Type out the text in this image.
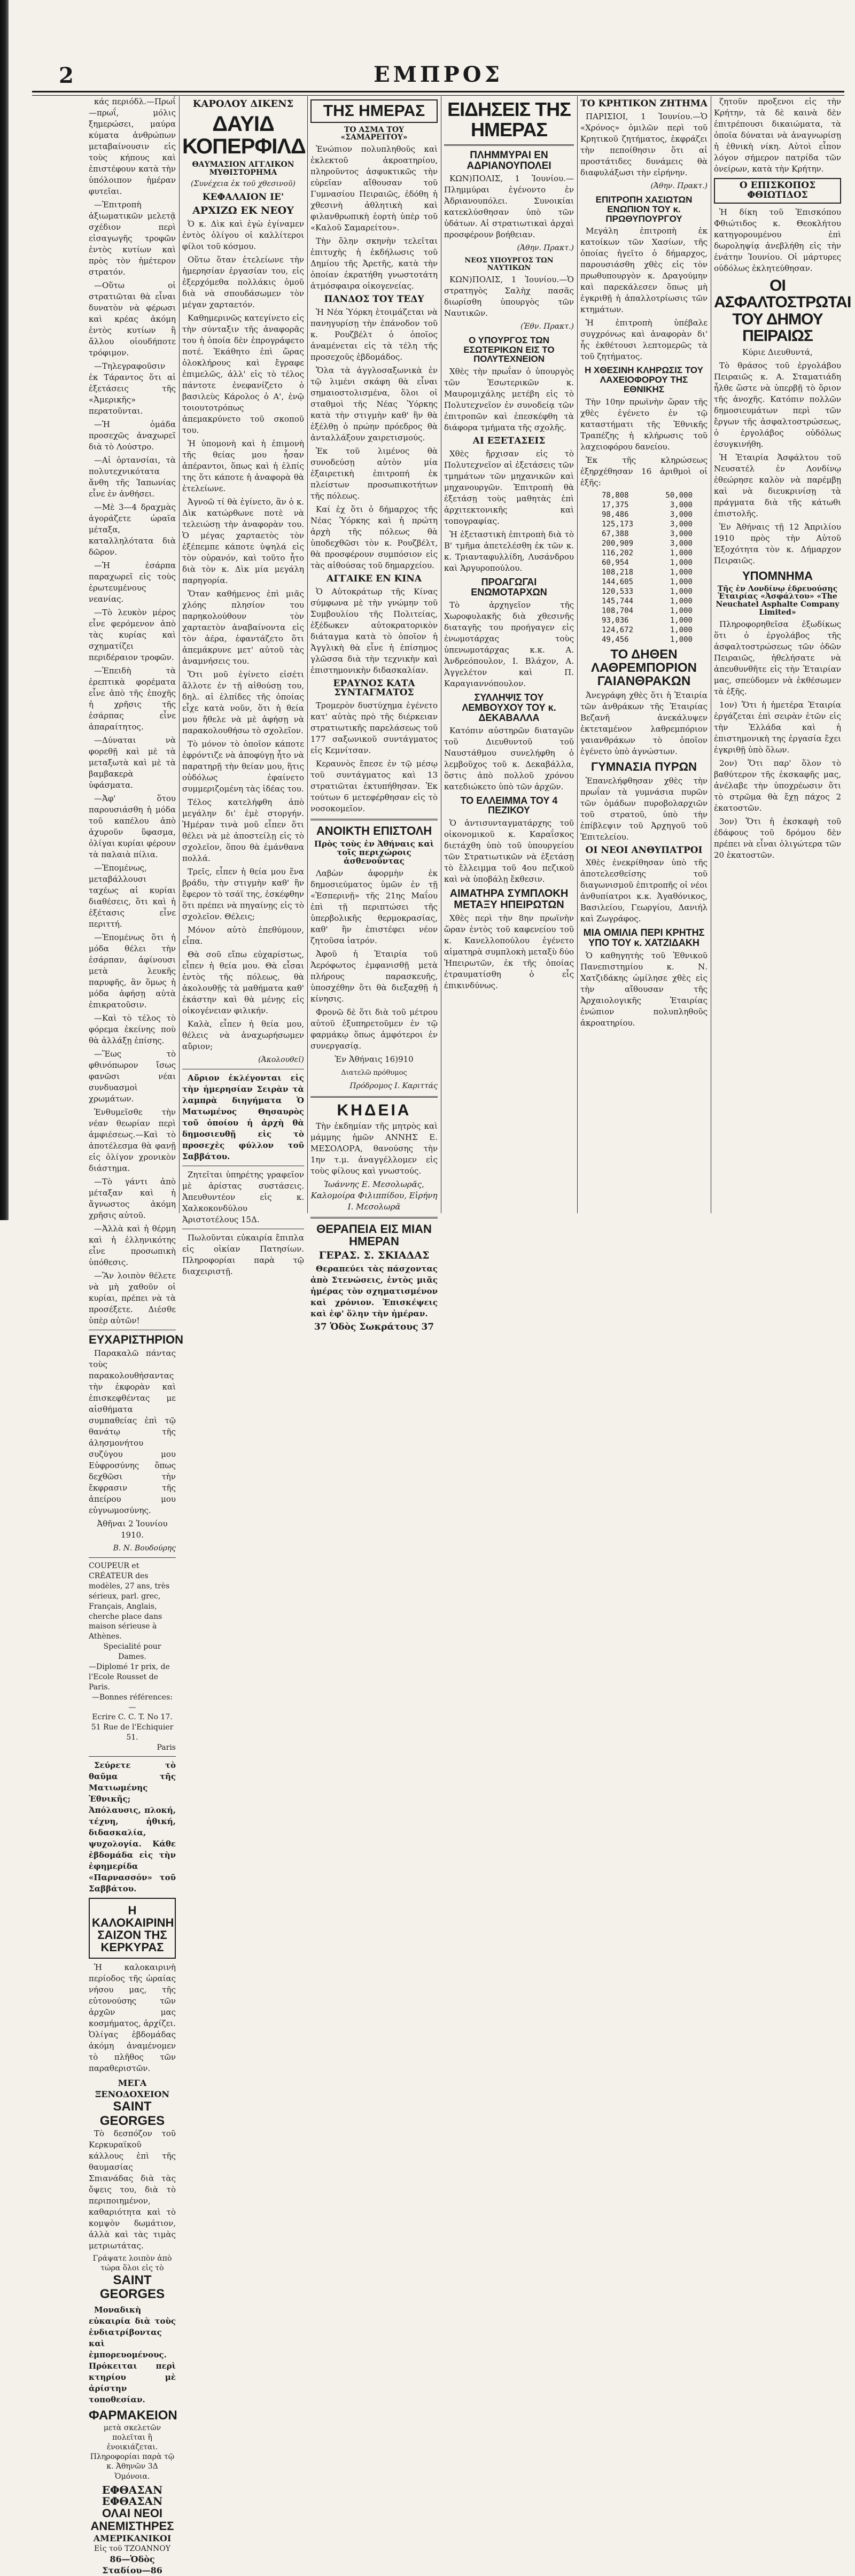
2	ΕΜΠΡΟΣ

κάς περιόδλ.—Πρωΐ—πρωΐ, μόλις ξημερώσει, μαύρα κύματα ἀνθρώπων μεταβαίνουσιν εἰς τοὺς κήπους καὶ ἐπιστέφουν κατὰ τὴν ὑπόλοιπον ἡμέραν φυτεῖαι.

—Ἐπιτροπὴ ἀξιωματικῶν μελετᾷ σχέδιον περὶ εἰσαγωγῆς τροφῶν ἐντὸς κυτίων καὶ πρὸς τὸν ἡμέτερον στρατόν.

—Οὕτω οἱ στρατιῶται θὰ εἶναι δυνατὸν νὰ φέρωσι καὶ κρέας ἀκόμη ἐντὸς κυτίων ἢ ἄλλου οἱουδήποτε τρόφιμον.

—Τηλεγραφοῦσιν ἐκ Τάραντος ὅτι αἱ ἐξετάσεις τῆς «Ἀμερικῆς» περατοῦνται.

—Ἡ ὁμάδα προσεχῶς ἀναχωρεῖ διὰ τὸ Λούστρο.

—Αἱ ὀρτανσίαι, τὰ πολυτεχνικότατα ἄνθη τῆς Ἰαπωνίας εἶνε ἐν ἀνθήσει.

—Μὲ 3—4 δραχμὰς ἀγοράζετε ὡραῖα μέταξα, καταλληλότατα διὰ δῶρον.

—Ἡ ἐσάρπα παραχωρεῖ εἰς τοὺς ἐρωτευμένους νεανίας.

—Τὸ λευκὸν μέρος εἶνε φερόμενον ἀπὸ τὰς κυρίας καὶ σχηματίζει περιδέραιον τροφῶν.

—Ἐπειδὴ τὰ ἐρεπτικὰ φορέματα εἶνε ἀπὸ τῆς ἐποχῆς ἡ χρῆσις τῆς ἐσάρπας εἶνε ἀπαραίτητος.

—Δύναται νὰ φορεθῇ καὶ μὲ τὰ μεταξωτὰ καὶ μὲ τὰ βαμβακερὰ ὑφάσματα.

—Ἀφ' ὅτου παρουσιάσθη ἡ μόδα τοῦ καπέλου ἀπὸ ἀχυροῦν ὕφασμα, ὀλίγαι κυρίαι φέρουν τὰ παλαιὰ πίλια.

—Ἐπομένως, μεταβάλλουσι ταχέως αἱ κυρίαι διαθέσεις, ὅτι καὶ ἡ ἐξέτασις εἶνε περιττή.

—Ἐπομένως ὅτι ἡ μόδα θέλει τὴν ἐσάρπαν, ἀφίνουσι μετὰ λευκῆς παρυφῆς, ἂν ὅμως ἡ μόδα ἀφήσῃ αὐτὰ ἐπικρατοῦσιν.

—Καὶ τὸ τέλος τὸ φόρεμα ἐκείνης ποὺ θὰ ἀλλάξῃ ἐπίσης.

—Ἕως τὸ φθινόπωρον ἴσως φανῶσι νέαι συνδυασμοὶ χρωμάτων.

Ἐνθυμεῖσθε τὴν νέαν θεωρίαν περὶ ἀμφιέσεως.—Καὶ τὸ ἀποτέλεσμα θὰ φανῇ εἰς ὀλίγον χρονικὸν διάστημα.

—Τὸ γάντι ἀπὸ μέταξαν καὶ ἡ ἄγνωστος ἀκόμη χρῆσις αὐτοῦ.

—Ἀλλὰ καὶ ἡ θέρμη καὶ ἡ ἐλληνικότης εἶνε προσωπικὴ ὑπόθεσις.

—Ἂν λοιπὸν θέλετε νὰ μὴ χαθοῦν οἱ κυρίαι, πρέπει νὰ τὰ προσέξετε. Διέσθε ὑπὲρ αὐτῶν!

ΕΥΧΑΡΙΣΤΗΡΙΟΝ

Παρακαλῶ πάντας τοὺς παρακολουθήσαντας τὴν ἐκφορὰν καὶ ἐπισκεφθέντας με αἰσθήματα συμπαθείας ἐπὶ τῷ θανάτῳ τῆς ἀλησμονήτου συζύγου μου Εὐφροσύνης ὅπως δεχθῶσι τὴν ἔκφρασιν τῆς ἀπείρου μου εὐγνωμοσύνης.

Ἀθῆναι 2 Ἰουνίου 1910.

Β. Ν. Βουδούρης

COUPEUR et CRÉATEUR des modèles, 27 ans, très sérieux, parl. grec, Français, Anglais, cherche place dans maison sérieuse à Athènes.
Specialité pour Dames.
—Diplomé 1r prix, de l'Ecole Rousset de Paris.
—Bonnes références:—
Ecrire C. C. T. No 17.
51 Rue de l'Echiquier 51.
Paris

Σεύρετε τὸ θαῦμα τῆς Ματιωμένης Ἐθνικῆς; Ἀπόλαυσις, πλοκή, τέχνη, ἡθική, διδασκαλία, ψυχολογία. Κάθε ἐβδομάδα εἰς τὴν ἐφημερίδα «Παρνασσόν» τοῦ Σαββάτου.

Η ΚΑΛΟΚΑΙΡΙΝΗ ΣΑΙΖΟΝ ΤΗΣ ΚΕΡΚΥΡΑΣ

Ἡ καλοκαιρινὴ περίοδος τῆς ὡραίας νήσου μας, τῆς εὐτονούσης τῶν ἀρχῶν μας κοσμήματος, ἀρχίζει. Ὀλίγας ἑβδομάδας ἀκόμη ἀναμένομεν τὸ πλῆθος τῶν παραθεριστῶν.

ΜΕΓΑ ΞΕΝΟΔΟΧΕΙΟΝ
SAINT GEORGES

Τὸ δεσπόζον τοῦ Κερκυραϊκοῦ κάλλους ἐπὶ τῆς θαυμασίας Σπιανάδας διὰ τὰς ὄψεις του, διὰ τὸ περιποιημένον, καθαριότητα καὶ τὸ κομψὸν δωμάτιον, ἀλλὰ καὶ τὰς τιμὰς μετριωτάτας.

Γράψατε λοιπὸν ἀπὸ τώρα ὅλοι εἰς τὸ
SAINT GEORGES

Μοναδικὴ εὐκαιρία διὰ τοὺς ἐνδιατρίβοντας καὶ ἐμπορευομένους. Πρόκειται περὶ κτηρίου μὲ ἀρίστην τοποθεσίαν.

ΦΑΡΜΑΚΕΙΟΝ
μετὰ σκελετῶν πολεῖται ἢ ἐνοικιάζεται. Πληροφορίαι παρὰ τῷ κ. Ἀθηνῶν 3Δ Ὁμόνοια.
ΕΦΘΑΣΑΝ ΕΦΘΑΣΑΝ
ΟΛΑΙ ΝΕΟΙ ΑΝΕΜΙΣΤΗΡΕΣ
ΑΜΕΡΙΚΑΝΙΚΟΙ
Εἰς τοῦ ΤΖΟΑΝΝΟΥ
86—Ὁδὸς Σταδίου—86
ΚΑΡΟΛΟΥ ΔΙΚΕΝΣ
ΔΑΥΙΔ ΚΟΠΕΡΦΙΛΔ
ΘΑΥΜΑΣΙΟΝ ΑΓΓΛΙΚΟΝ ΜΥΘΙΣΤΟΡΗΜΑ
(Συνέχεια ἐκ τοῦ χθεσινοῦ)
ΚΕΦΑΛΑΙΟΝ ΙΕ'
ΑΡΧΙΖΩ ΕΚ ΝΕΟΥ

Ὁ κ. Δὶκ καὶ ἐγὼ ἐγίναμεν ἐντὸς ὀλίγου οἱ καλλίτεροι φίλοι τοῦ κόσμου.

Οὕτω ὅταν ἐτελείωνε τὴν ἡμερησίαν ἐργασίαν του, εἰς ἐξερχόμεθα πολλάκις ὁμοῦ διὰ νὰ σπουδάσωμεν τὸν μέγαν χαρταετόν.

Καθημερινῶς κατεγίνετο εἰς τὴν σύνταξιν τῆς ἀναφορᾶς του ἡ ὁποία δὲν ἐπρογράφετο ποτέ. Ἐκάθητο ἐπὶ ὥρας ὁλοκλήρους καὶ ἔγραφε ἐπιμελῶς, ἀλλ' εἰς τὸ τέλος πάντοτε ἐνεφανίζετο ὁ βασιλεὺς Κάρολος ὁ Α', ἐνῷ τοιουτοτρόπως ἀπεμακρύνετο τοῦ σκοποῦ του.

Ἡ ὑπομονὴ καὶ ἡ ἐπιμονὴ τῆς θείας μου ἦσαν ἀπέραντοι, ὅπως καὶ ἡ ἐλπίς της ὅτι κάποτε ἡ ἀναφορὰ θὰ ἐτελείωνε.

Ἀγνοῶ τί θὰ ἐγίνετο, ἂν ὁ κ. Δὶκ κατώρθωνε ποτὲ νὰ τελειώσῃ τὴν ἀναφορὰν του. Ὁ μέγας χαρταετὸς τὸν ἐξέπεμπε κάποτε ὑψηλά εἰς τὸν οὐρανόν, καὶ τοῦτο ἦτο διὰ τὸν κ. Δὶκ μία μεγάλη παρηγορία.

Ὅταν καθήμενος ἐπὶ μιᾶς χλόης πλησίον του παρηκολούθουν τὸν χαρταετὸν ἀναβαίνοντα εἰς τὸν ἀέρα, ἐφαντάζετο ὅτι ἀπεμάκρυνε μετ' αὐτοῦ τὰς ἀναμνήσεις του.

Ὅτι μοῦ ἐγίνετο εἰσέτι ἄλλοτε ἐν τῇ αἰθούσῃ του, δηλ. αἱ ἐλπίδες τῆς ὁποίας εἶχε κατὰ νοῦν, ὅτι ἡ θεία μου ἤθελε νὰ μὲ ἀφήσῃ νὰ παρακολουθήσω τὸ σχολεῖον.

Τὸ μόνον τὸ ὁποῖον κάποτε ἐφρόντιζε νὰ ἀποφύγῃ ἦτο νὰ παρατηρῇ τὴν θείαν μου, ἥτις οὐδόλως ἐφαίνετο συμμεριζομένη τὰς ἰδέας του.

Τέλος κατελήφθη ἀπὸ μεγάλην δι' ἐμὲ στοργήν. Ἡμέραν τινὰ μοῦ εἶπεν ὅτι θέλει νὰ μὲ ἀποστείλῃ εἰς τὸ σχολεῖον, ὅπου θὰ ἐμάνθανα πολλά.

Τρεῖς, εἶπεν ἡ θεία μου ἕνα βράδυ, τὴν στιγμὴν καθ' ἣν ἔφερον τὸ τσάϊ της, ἐσκέφθην ὅτι πρέπει νὰ πηγαίνῃς εἰς τὸ σχολεῖον. Θέλεις;

Μόνον αὐτὸ ἐπεθύμουν, εἶπα.

Θὰ σοῦ εἴπω εὐχαρίστως, εἶπεν ἡ θεία μου. Θὰ εἶσαι ἐντὸς τῆς πόλεως, θὰ ἀκολουθῇς τὰ μαθήματα καθ' ἑκάστην καὶ θὰ μένῃς εἰς οἰκογένειαν φιλικήν.

Καλὰ, εἶπεν ἡ θεία μου, θέλεις νὰ ἀναχωρήσωμεν αὔριον;

(Ἀκολουθεῖ)

Αὔριον ἐκλέγονται εἰς τὴν ἡμερησίαν Σειρὰν τὰ λαμπρὰ διηγήματα Ὁ Ματωμένος Θησαυρὸς τοῦ ὁποίου ἡ ἀρχὴ θὰ δημοσιευθῇ εἰς τὸ προσεχὲς φύλλον τοῦ Σαββάτου.

Ζητεῖται ὑπηρέτης γραφεῖον μὲ ἀρίστας συστάσεις. Ἀπευθυντέον εἰς κ. Χαλκοκονδύλου Ἀριστοτέλους 15Δ.

Πωλοῦνται εὐκαιρία ἔπιπλα εἰς οἰκίαν Πατησίων. Πληροφορίαι παρὰ τῷ διαχειριστῇ.

ΤΗΣ ΗΜΕΡΑΣ
ΤΟ ΑΣΜΑ ΤΟΥ «ΣΑΜΑΡΕΙΤΟΥ»

Ἐνώπιον πολυπληθοῦς καὶ ἐκλεκτοῦ ἀκροατηρίου, πληροῦντος ἀσφυκτικῶς τὴν εὐρεῖαν αἴθουσαν τοῦ Γυμνασίου Πειραιῶς, ἐδόθη ἡ χθεσινὴ ἀθλητικὴ καὶ φιλανθρωπικὴ ἑορτὴ ὑπὲρ τοῦ «Καλοῦ Σαμαρείτου».

Τὴν ὅλην σκηνὴν τελεῖται ἐπιτυχὴς ἡ ἐκδήλωσις τοῦ Δημίου τῆς Ἀρετῆς, κατὰ τὴν ὁποίαν ἐκρατήθη γνωστοτάτη ἀτμόσφαιρα οἰκογενείας.

ΠΑΝΔΟΣ ΤΟΥ ΤΕΔΥ

Ἡ Νέα Ὑόρκη ἑτοιμάζεται νὰ πανηγυρίσῃ τὴν ἐπάνοδον τοῦ κ. Ρουζβέλτ ὁ ὁποῖος ἀναμένεται εἰς τὰ τέλη τῆς προσεχοῦς ἑβδομάδος.

Ὅλα τὰ ἀγγλοσαξωνικὰ ἐν τῷ λιμένι σκάφη θὰ εἶναι σημαιοστολισμένα, ὅλοι οἱ σταθμοὶ τῆς Νέας Ὑόρκης κατὰ τὴν στιγμὴν καθ' ἣν θὰ ἐξέλθῃ ὁ πρώην πρόεδρος θὰ ἀνταλλάξουν χαιρετισμούς.

Ἐκ τοῦ λιμένος θὰ συνοδεύσῃ αὐτὸν μία ἐξαιρετικὴ ἐπιτροπή ἐκ πλείστων προσωπικοτήτων τῆς πόλεως.

Καί ἐχ ὅτι ὁ δήμαρχος τῆς Νέας Ὑόρκης καὶ ἡ πρώτη ἀρχὴ τῆς πόλεως θὰ ὑποδεχθῶσι τὸν κ. Ρουζβέλτ, θὰ προσφέρουν συμπόσιον εἰς τὰς αἰθούσας τοῦ δημαρχείου.

ΑΓΓΑΙΚΕ ΕΝ ΚΙΝΑ

Ὁ Αὐτοκράτωρ τῆς Κίνας σύμφωνα μὲ τὴν γνώμην τοῦ Συμβουλίου τῆς Πολιτείας, ἐξέδωκεν αὐτοκρατορικὸν διάταγμα κατὰ τὸ ὁποῖον ἡ Ἀγγλικὴ θὰ εἶνε ἡ ἐπίσημος γλῶσσα διὰ τὴν τεχνικὴν καὶ ἐπιστημονικὴν διδασκαλίαν.

ΕΡΑΥΝΟΣ ΚΑΤΑ ΣΥΝΤΑΓΜΑΤΟΣ

Τρομερὸν δυστύχημα ἐγένετο κατ' αὐτὰς πρὸ τῆς διέρκειαν στρατιωτικῆς παρελάσεως τοῦ 177 σαξωνικοῦ συντάγματος εἰς Κεμνίτσαν.

Κεραυνὸς ἔπεσε ἐν τῷ μέσῳ τοῦ συντάγματος καὶ 13 στρατιῶται ἐκτυπήθησαν. Ἐκ τούτων 6 μετεφέρθησαν εἰς τὸ νοσοκομεῖον.

ΑΝΟΙΚΤΗ ΕΠΙΣΤΟΛΗ
Πρὸς τοὺς ἐν Ἀθήναις καὶ τοῖς περιχώροις ἀσθενοῦντας

Λαβὼν ἀφορμὴν ἐκ δημοσιεύματος ὑμῶν ἐν τῇ «Ἑσπερινῇ» τῆς 21ης Μαΐου ἐπὶ τῇ περιπτώσει τῆς ὑπερβολικῆς θερμοκρασίας, καθ' ἣν ἐπιστέφει νέον ζητοῦσα ἰατρόν.

Ἀφοῦ ἡ Ἑταιρία τοῦ Ἀερόφωτος ἐμφανισθῇ μετὰ πλήρους παρασκευῆς, ὑποσχέθην ὅτι θὰ διεξαχθῇ ἡ κίνησις.

Φρονῶ δὲ ὅτι διὰ τοῦ μέτρου αὐτοῦ ἐξυπηρετοῦμεν ἐν τῷ φαρμάκῳ ὅπως ἀμφότεροι ἐν συνεργασίᾳ.

Ἐν Ἀθήναις 16)910

Διατελῶ πρόθυμος

Πρόδρομος Ι. Καριττάς

ΚΗΔΕΙΑ

Τὴν ἐκδημίαν τῆς μητρὸς καὶ μάμμης ἡμῶν ΑΝΝΗΣ Ε. ΜΕΣΟΛΟΡΑ, θανούσης τὴν 1ην τ.μ. ἀναγγέλλομεν εἰς τοὺς φίλους καὶ γνωστούς.

Ἰωάννης Ε. Μεσολωρᾶς, Καλομοίρα Φιλιππίδου, Εἰρήνη Ι. Μεσολωρᾶ

ΘΕΡΑΠΕΙΑ ΕΙΣ ΜΙΑΝ ΗΜΕΡΑΝ
ΓΕΡΑΣ. Σ. ΣΚΙΑΔΑΣ

Θεραπεύει τὰς πάσχοντας ἀπὸ Στενώσεις, ἐντὸς μιᾶς ἡμέρας τὸν σχηματισμένον καὶ χρόνιον. Ἐπισκέψεις καὶ ἐφ' ὅλην τὴν ἡμέραν.

37 Ὁδὸς Σωκράτους 37
ΕΙΔΗΣΕΙΣ ΤΗΣ ΗΜΕΡΑΣ
ΠΛΗΜΜΥΡΑΙ ΕΝ ΑΔΡΙΑΝΟΥΠΟΛΕΙ

ΚΩΝ)ΠΟΛΙΣ, 1 Ἰουνίου.—Πλημμύραι ἐγένοντο ἐν Ἀδριανουπόλει. Συνοικίαι κατεκλύσθησαν ὑπὸ τῶν ὑδάτων. Αἱ στρατιωτικαὶ ἀρχαὶ προσφέρουν βοήθειαν.

(Ἀθην. Πρακτ.)

ΝΕΟΣ ΥΠΟΥΡΓΟΣ ΤΩΝ ΝΑΥΤΙΚΩΝ

ΚΩΝ)ΠΟΛΙΣ, 1 Ἰουνίου.—Ὁ στρατηγὸς Σαλὴχ πασᾶς διωρίσθη ὑπουργὸς τῶν Ναυτικῶν.

(Ἐθν. Πρακτ.)

Ο ΥΠΟΥΡΓΟΣ ΤΩΝ ΕΣΩΤΕΡΙΚΩΝ ΕΙΣ ΤΟ ΠΟΛΥΤΕΧΝΕΙΟΝ

Χθὲς τὴν πρωΐαν ὁ ὑπουργὸς τῶν Ἐσωτερικῶν κ. Μαυρομιχάλης μετέβη εἰς τὸ Πολυτεχνεῖον ἐν συνοδείᾳ τῶν ἐπιτροπῶν καὶ ἐπεσκέφθη τὰ διάφορα τμήματα τῆς σχολῆς.

ΑΙ ΕΞΕΤΑΣΕΙΣ

Χθὲς ἤρχισαν εἰς τὸ Πολυτεχνεῖον αἱ ἐξετάσεις τῶν τμημάτων τῶν μηχανικῶν καὶ μηχανουργῶν. Ἐπιτροπὴ θὰ ἐξετάσῃ τοὺς μαθητὰς ἐπὶ ἀρχιτεκτονικῆς καὶ τοπογραφίας.

Ἡ ἐξεταστικὴ ἐπιτροπὴ διὰ τὸ Β' τμῆμα ἀπετελέσθη ἐκ τῶν κ. κ. Τριανταφυλλίδη, Λυσάνδρου καὶ Ἀργυροπούλου.

ΠΡΟΑΓΩΓΑΙ ΕΝΩΜΟΤΑΡΧΩΝ

Τὸ ἀρχηγεῖον τῆς Χωροφυλακῆς διὰ χθεσινῆς διαταγῆς του προήγαγεν εἰς ἐνωμοτάρχας τοὺς ὑπενωμοτάρχας κ.κ. Α. Ἀνδρεόπουλον, Ι. Βλάχον, Α. Ἀγγελέτον καὶ Π. Καραγιαννόπουλον.

ΣΥΛΛΗΨΙΣ ΤΟΥ ΛΕΜΒΟΥΧΟΥ ΤΟΥ κ. ΔΕΚΑΒΑΛΛΑ

Κατόπιν αὐστηρῶν διαταγῶν τοῦ Διευθυντοῦ τοῦ Ναυστάθμου συνελήφθη ὁ λεμβοῦχος τοῦ κ. Δεκαβάλλα, ὅστις ἀπὸ πολλοῦ χρόνου κατεδιώκετο ὑπὸ τῶν ἀρχῶν.

ΤΟ ΕΛΛΕΙΜΜΑ ΤΟΥ 4 ΠΕΖΙΚΟΥ

Ὁ ἀντισυνταγματάρχης τοῦ οἰκονομικοῦ κ. Καραΐσκος διετάχθη ὑπὸ τοῦ ὑπουργείου τῶν Στρατιωτικῶν νὰ ἐξετάσῃ τὸ ἔλλειμμα τοῦ 4ου πεζικοῦ καὶ νὰ ὑποβάλῃ ἔκθεσιν.

ΑΙΜΑΤΗΡΑ ΣΥΜΠΛΟΚΗ ΜΕΤΑΞΥ ΗΠΕΙΡΩΤΩΝ

Χθὲς περὶ τὴν 8ην πρωϊνὴν ὥραν ἐντὸς τοῦ καφενείου τοῦ κ. Κανελλοπούλου ἐγένετο αἱματηρὰ συμπλοκὴ μεταξὺ δύο Ἠπειρωτῶν, ἐκ τῆς ὁποίας ἐτραυματίσθη ὁ εἷς ἐπικινδύνως.

ΤΟ ΚΡΗΤΙΚΟΝ ΖΗΤΗΜΑ

ΠΑΡΙΣΙΟΙ, 1 Ἰουνίου.—Ὁ «Χρόνος» ὁμιλῶν περὶ τοῦ Κρητικοῦ ζητήματος, ἐκφράζει τὴν πεποίθησιν ὅτι αἱ προστάτιδες δυνάμεις θὰ διαφυλάξωσι τὴν εἰρήνην.

(Ἀθην. Πρακτ.)

ΕΠΙΤΡΟΠΗ ΧΑΣΙΩΤΩΝ ΕΝΩΠΙΟΝ ΤΟΥ κ. ΠΡΩΘΥΠΟΥΡΓΟΥ

Μεγάλη ἐπιτροπὴ ἐκ κατοίκων τῶν Χασίων, τῆς ὁποίας ἡγεῖτο ὁ δήμαρχος, παρουσιάσθη χθὲς εἰς τὸν πρωθυπουργὸν κ. Δραγούμην καὶ παρεκάλεσεν ὅπως μὴ ἐγκριθῇ ἡ ἀπαλλοτρίωσις τῶν κτημάτων.

Ἡ ἐπιτροπὴ ὑπέβαλε συγχρόνως καὶ ἀναφορὰν δι' ἧς ἐκθέτουσι λεπτομερῶς τὰ τοῦ ζητήματος.

Η ΧΘΕΣΙΝΗ ΚΛΗΡΩΣΙΣ ΤΟΥ ΛΑΧΕΙΟΦΟΡΟΥ ΤΗΣ ΕΘΝΙΚΗΣ

Τὴν 10ην πρωϊνὴν ὥραν τῆς χθὲς ἐγένετο ἐν τῷ καταστήματι τῆς Ἐθνικῆς Τραπέζης ἡ κλήρωσις τοῦ λαχειοφόρου δανείου.

Ἐκ τῆς κληρώσεως ἐξηρχέθησαν 16 ἀριθμοὶ οἱ ἑξῆς:

78,808	50,000
17,375	3,000
98,486	3,000
125,173	3,000
67,388	3,000
200,909	3,000
116,202	1,000
60,954	1,000
108,218	1,000
144,605	1,000
120,533	1,000
145,744	1,000
108,704	1,000
93,036	1,000
124,672	1,000
49,456	1,000
ΤΟ ΔΗΘΕΝ ΛΑΘΡΕΜΠΟΡΙΟΝ ΓΑΙΑΝΘΡΑΚΩΝ

Ἀνεγράφη χθὲς ὅτι ἡ Ἐταιρία τῶν ἀνθράκων τῆς Ἐταιρίας Βεζανῆ ἀνεκάλυψεν ἐκτεταμένον λαθρεμπόριον γαιανθράκων τὸ ὁποῖον ἐγένετο ὑπὸ ἀγνώστων.

ΓΥΜΝΑΣΙΑ ΠΥΡΩΝ

Ἐπανελήφθησαν χθὲς τὴν πρωΐαν τὰ γυμνάσια πυρῶν τῶν ὁμάδων πυροβολαρχιῶν τοῦ στρατοῦ, ὑπὸ τὴν ἐπίβλεψιν τοῦ Ἀρχηγοῦ τοῦ Ἐπιτελείου.

ΟΙ ΝΕΟΙ ΑΝΘΥΠΑΤΡΟΙ

Χθὲς ἐνεκρίθησαν ὑπὸ τῆς ἀποτελεσθείσης τοῦ διαγωνισμοῦ ἐπιτροπῆς οἱ νέοι ἀνθυπίατροι κ.κ. Ἀγαθόνικος, Βασιλείου, Γεωργίου, Δανιήλ καὶ Ζωγράφος.

ΜΙΑ ΟΜΙΛΙΑ ΠΕΡΙ ΚΡΗΤΗΣ ΥΠΟ ΤΟΥ κ. ΧΑΤΖΙΔΑΚΗ

Ὁ καθηγητὴς τοῦ Ἐθνικοῦ Πανεπιστημίου κ. Ν. Χατζιδάκης ὡμίλησε χθὲς εἰς τὴν αἴθουσαν τῆς Ἀρχαιολογικῆς Ἑταιρίας ἐνώπιον πολυπληθοῦς ἀκροατηρίου.

ζητοῦν προξενοι εἰς τὴν Κρήτην, τὰ δὲ καινὰ δὲν ἐπιτρέπουσι δικαιώματα, τὰ ὁποῖα δύναται νὰ ἀναγνωρίσῃ ἡ ἐθνικὴ νίκη. Αὐτοὶ εἶπον λόγον σήμερον πατρίδα τῶν ὀνείρων, κατὰ τὴν Κρήτην.

Ο ΕΠΙΣΚΟΠΟΣ ΦΘΙΩΤΙΔΟΣ

Ἡ δίκη τοῦ Ἐπισκόπου Φθιώτιδος κ. Θεοκλήτου κατηγορουμένου ἐπὶ δωροληψίᾳ ἀνεβλήθη εἰς τὴν ἐνάτην Ἰουνίου. Οἱ μάρτυρες οὐδόλως ἐκλητεύθησαν.

ΟΙ ΑΣΦΑΛΤΟΣΤΡΩΤΑΙ ΤΟΥ ΔΗΜΟΥ ΠΕΙΡΑΙΩΣ

Κύριε Διευθυντά,

Τὸ θράσος τοῦ ἐργολάβου Πειραιῶς κ. Α. Σταματιάδη ἦλθε ὥστε νὰ ὑπερβῇ τὸ ὅριον τῆς ἀνοχῆς. Κατόπιν πολλῶν δημοσιευμάτων περὶ τῶν ἔργων τῆς ἀσφαλτοστρώσεως, ὁ ἐργολάβος οὐδόλως ἐσυγκινήθη.

Ἡ Ἐταιρία Ἀσφάλτου τοῦ Νευσατέλ ἐν Λονδίνῳ ἐθεώρησε καλὸν νὰ παρέμβῃ καὶ νὰ διευκρινίσῃ τὰ πράγματα διὰ τῆς κάτωθι ἐπιστολῆς.

Ἐν Ἀθήναις τῇ 12 Ἀπριλίου 1910 πρὸς τὴν Αὐτοῦ Ἐξοχότητα τὸν κ. Δήμαρχον Πειραιῶς.

ΥΠΟΜΝΗΜΑ
Τῆς ἐν Λονδίνῳ ἑδρευούσης Ἑταιρίας «Ἀσφάλτου» «The Neuchatel Asphalte Company Limited»

Πληροφορηθεῖσα ἐξωδίκως ὅτι ὁ ἐργολάβος τῆς ἀσφαλτοστρώσεως τῶν ὁδῶν Πειραιῶς, ἠθελήσατε νὰ ἀπευθυνθῆτε εἰς τὴν Ἑταιρίαν μας, σπεύδομεν νὰ ἐκθέσωμεν τὰ ἑξῆς.

1ον) Ὅτι ἡ ἡμετέρα Ἑταιρία ἐργάζεται ἐπὶ σειρὰν ἐτῶν εἰς τὴν Ἑλλάδα καὶ ἡ ἐπιστημονικὴ της ἐργασία ἔχει ἐγκριθῇ ὑπὸ ὅλων.

2ον) Ὅτι παρ' ὅλον τὸ βαθύτερον τῆς ἐκσκαφῆς μας, ἀνέλαβε τὴν ὑποχρέωσιν ὅτι τὸ στρῶμα θὰ ἔχῃ πάχος 2 ἑκατοστῶν.

3ον) Ὅτι ἡ ἐκσκαφὴ τοῦ ἐδάφους τοῦ δρόμου δὲν πρέπει νὰ εἶναι ὀλιγώτερα τῶν 20 ἑκατοστῶν.
